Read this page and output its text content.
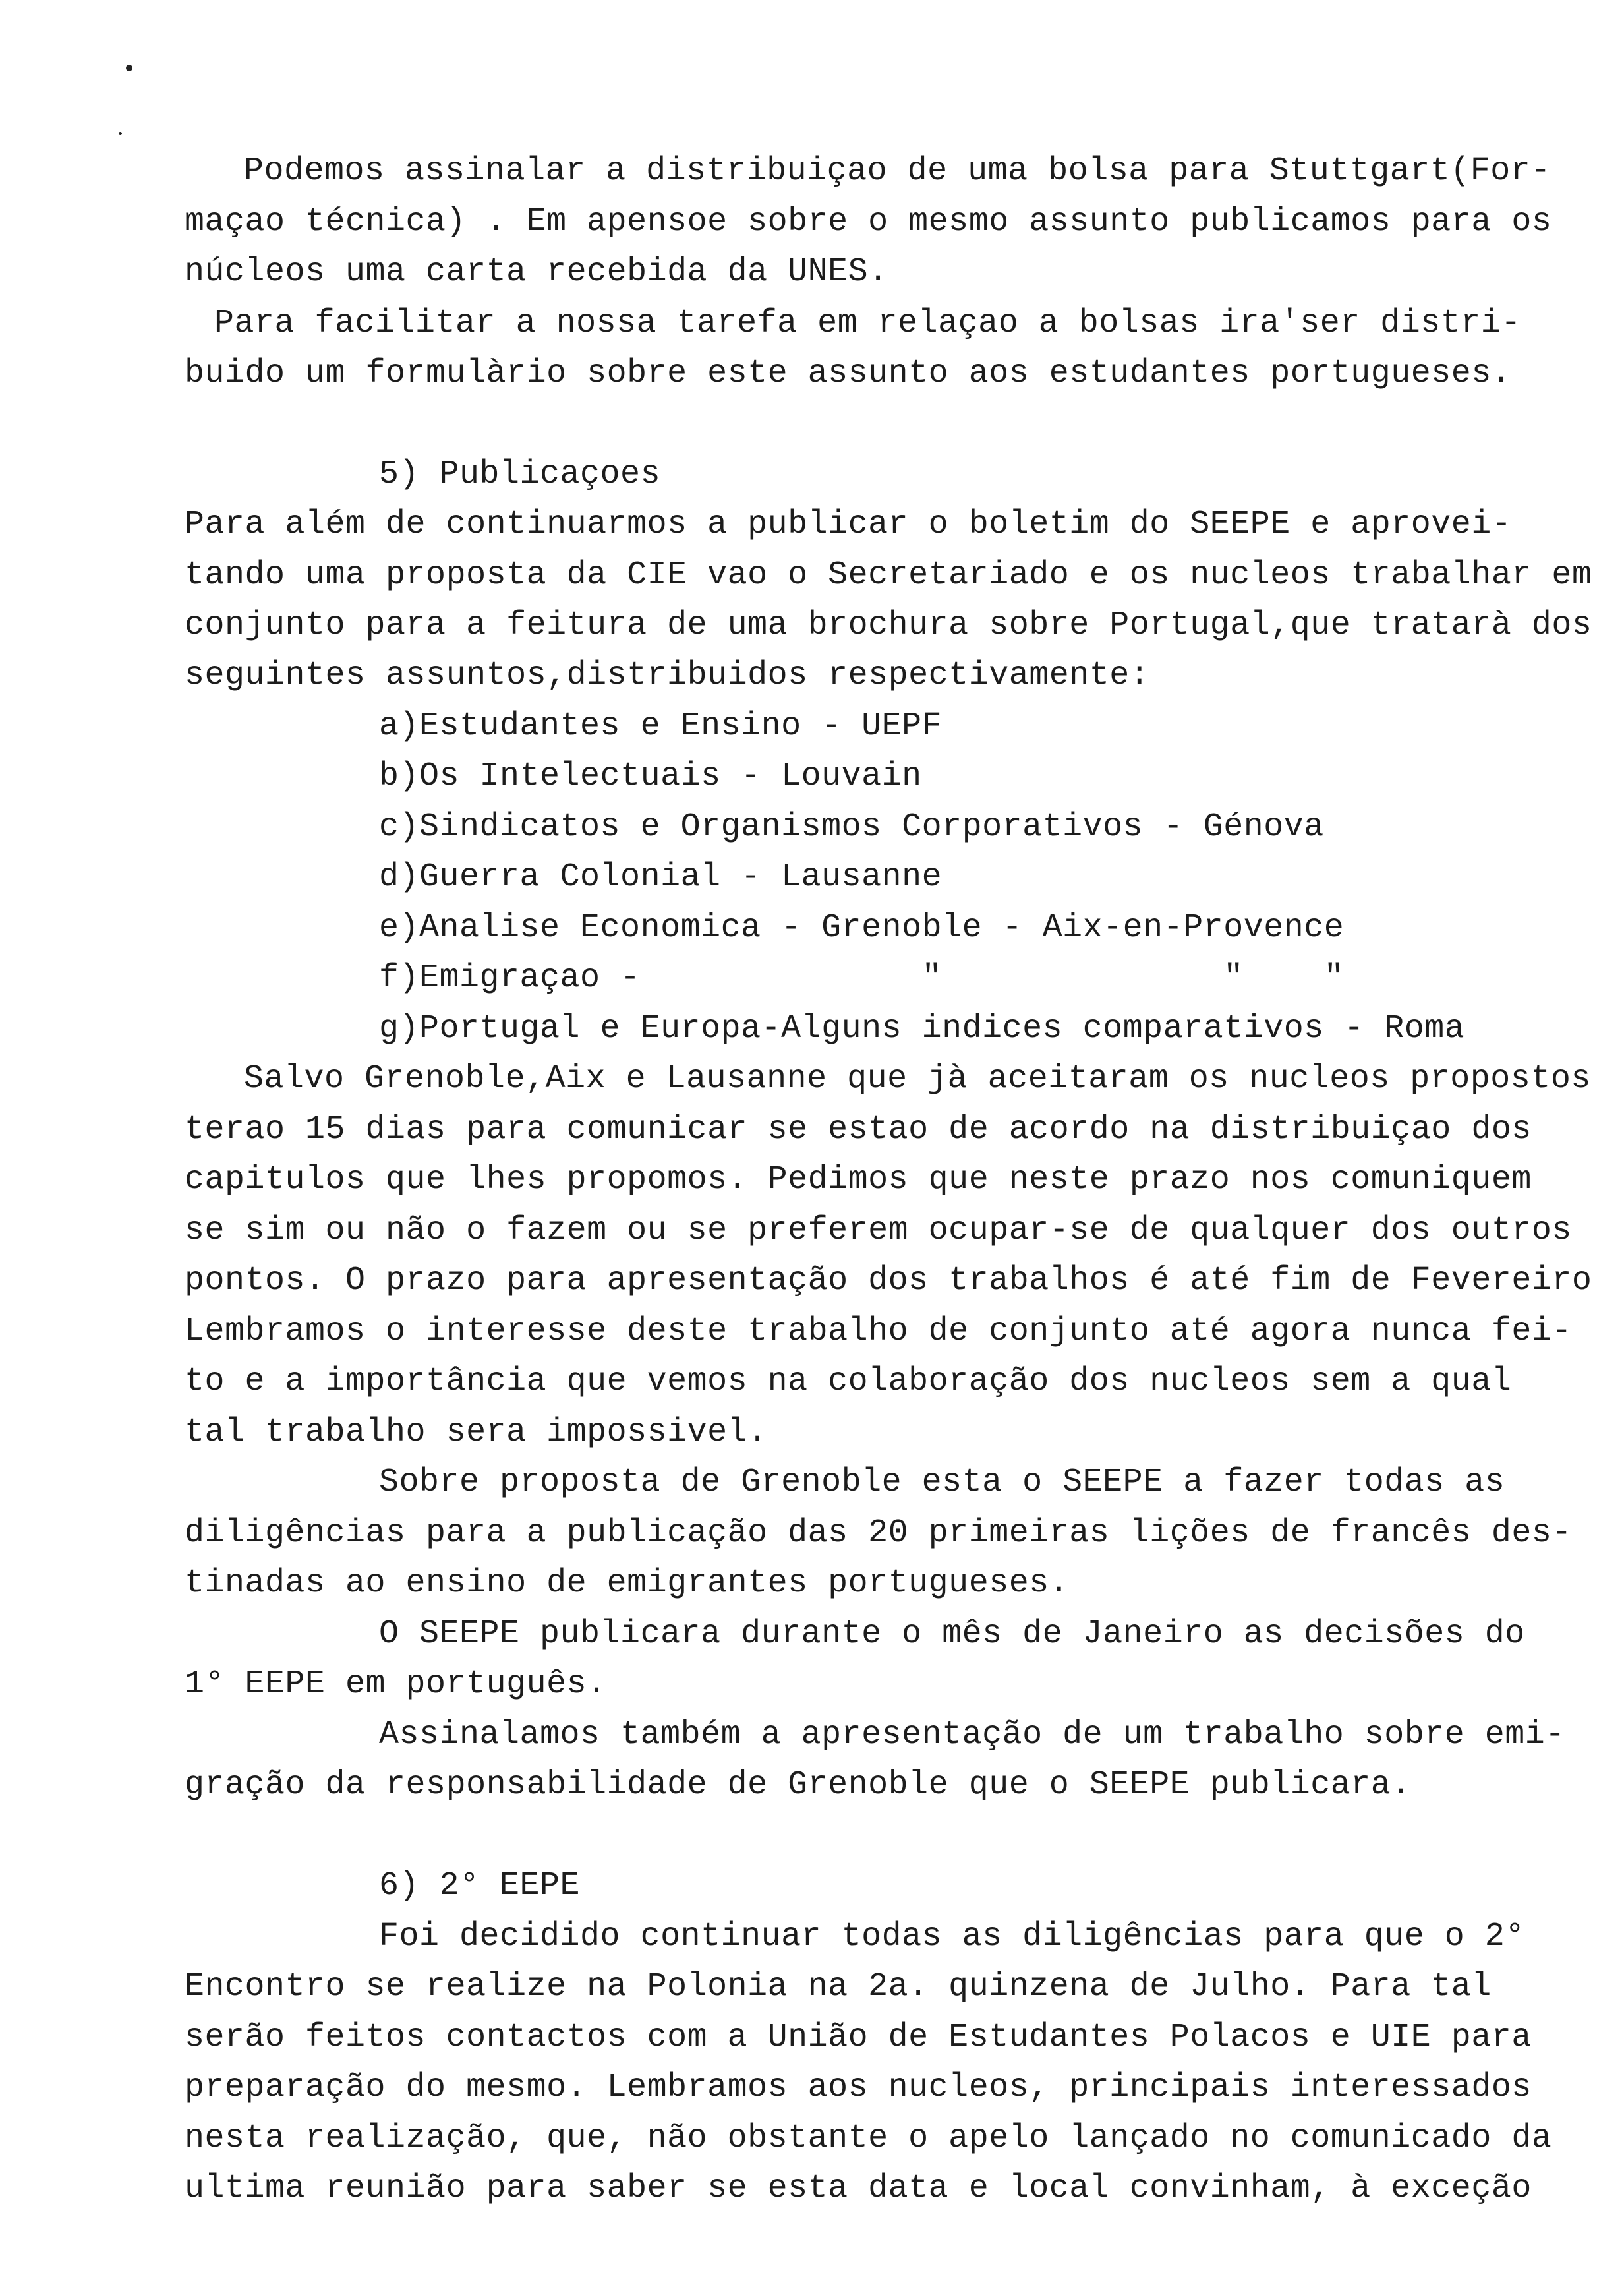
Podemos assinalar a distribuiçao de uma bolsa para Stuttgart(For-

maçao técnica) . Em apensoe sobre o mesmo assunto publicamos para os

núcleos uma carta recebida da UNES.

Para facilitar a nossa tarefa em relaçao a bolsas ira'ser distri-

buido um formulàrio sobre este assunto aos estudantes portugueses.

5) Publicaçoes

Para além de continuarmos a publicar o boletim do SEEPE e aprovei-

tando uma proposta da CIE vao o Secretariado e os nucleos trabalhar em

conjunto para a feitura de uma brochura sobre Portugal,que tratarà dos

seguintes assuntos,distribuidos respectivamente:

a)Estudantes e Ensino - UEPF

b)Os Intelectuais - Louvain

c)Sindicatos e Organismos Corporativos - Génova

d)Guerra Colonial - Lausanne

e)Analise Economica - Grenoble - Aix-en-Provence

f)Emigraçao -              "              "    "

g)Portugal e Europa-Alguns indices comparativos - Roma

Salvo Grenoble,Aix e Lausanne que jà aceitaram os nucleos propostos

terao 15 dias para comunicar se estao de acordo na distribuiçao dos

capitulos que lhes propomos. Pedimos que neste prazo nos comuniquem

se sim ou não o fazem ou se preferem ocupar-se de qualquer dos outros

pontos. O prazo para apresentação dos trabalhos é até fim de Fevereiro

Lembramos o interesse deste trabalho de conjunto até agora nunca fei-

to e a importância que vemos na colaboração dos nucleos sem a qual

tal trabalho sera impossivel.

Sobre proposta de Grenoble esta o SEEPE a fazer todas as

diligências para a publicação das 20 primeiras lições de francês des-

tinadas ao ensino de emigrantes portugueses.

O SEEPE publicara durante o mês de Janeiro as decisões do

1° EEPE em português.

Assinalamos também a apresentação de um trabalho sobre emi-

gração da responsabilidade de Grenoble que o SEEPE publicara.

6) 2° EEPE

Foi decidido continuar todas as diligências para que o 2°

Encontro se realize na Polonia na 2a. quinzena de Julho. Para tal

serão feitos contactos com a União de Estudantes Polacos e UIE para

preparação do mesmo. Lembramos aos nucleos, principais interessados

nesta realização, que, não obstante o apelo lançado no comunicado da

ultima reunião para saber se esta data e local convinham, à exceção
